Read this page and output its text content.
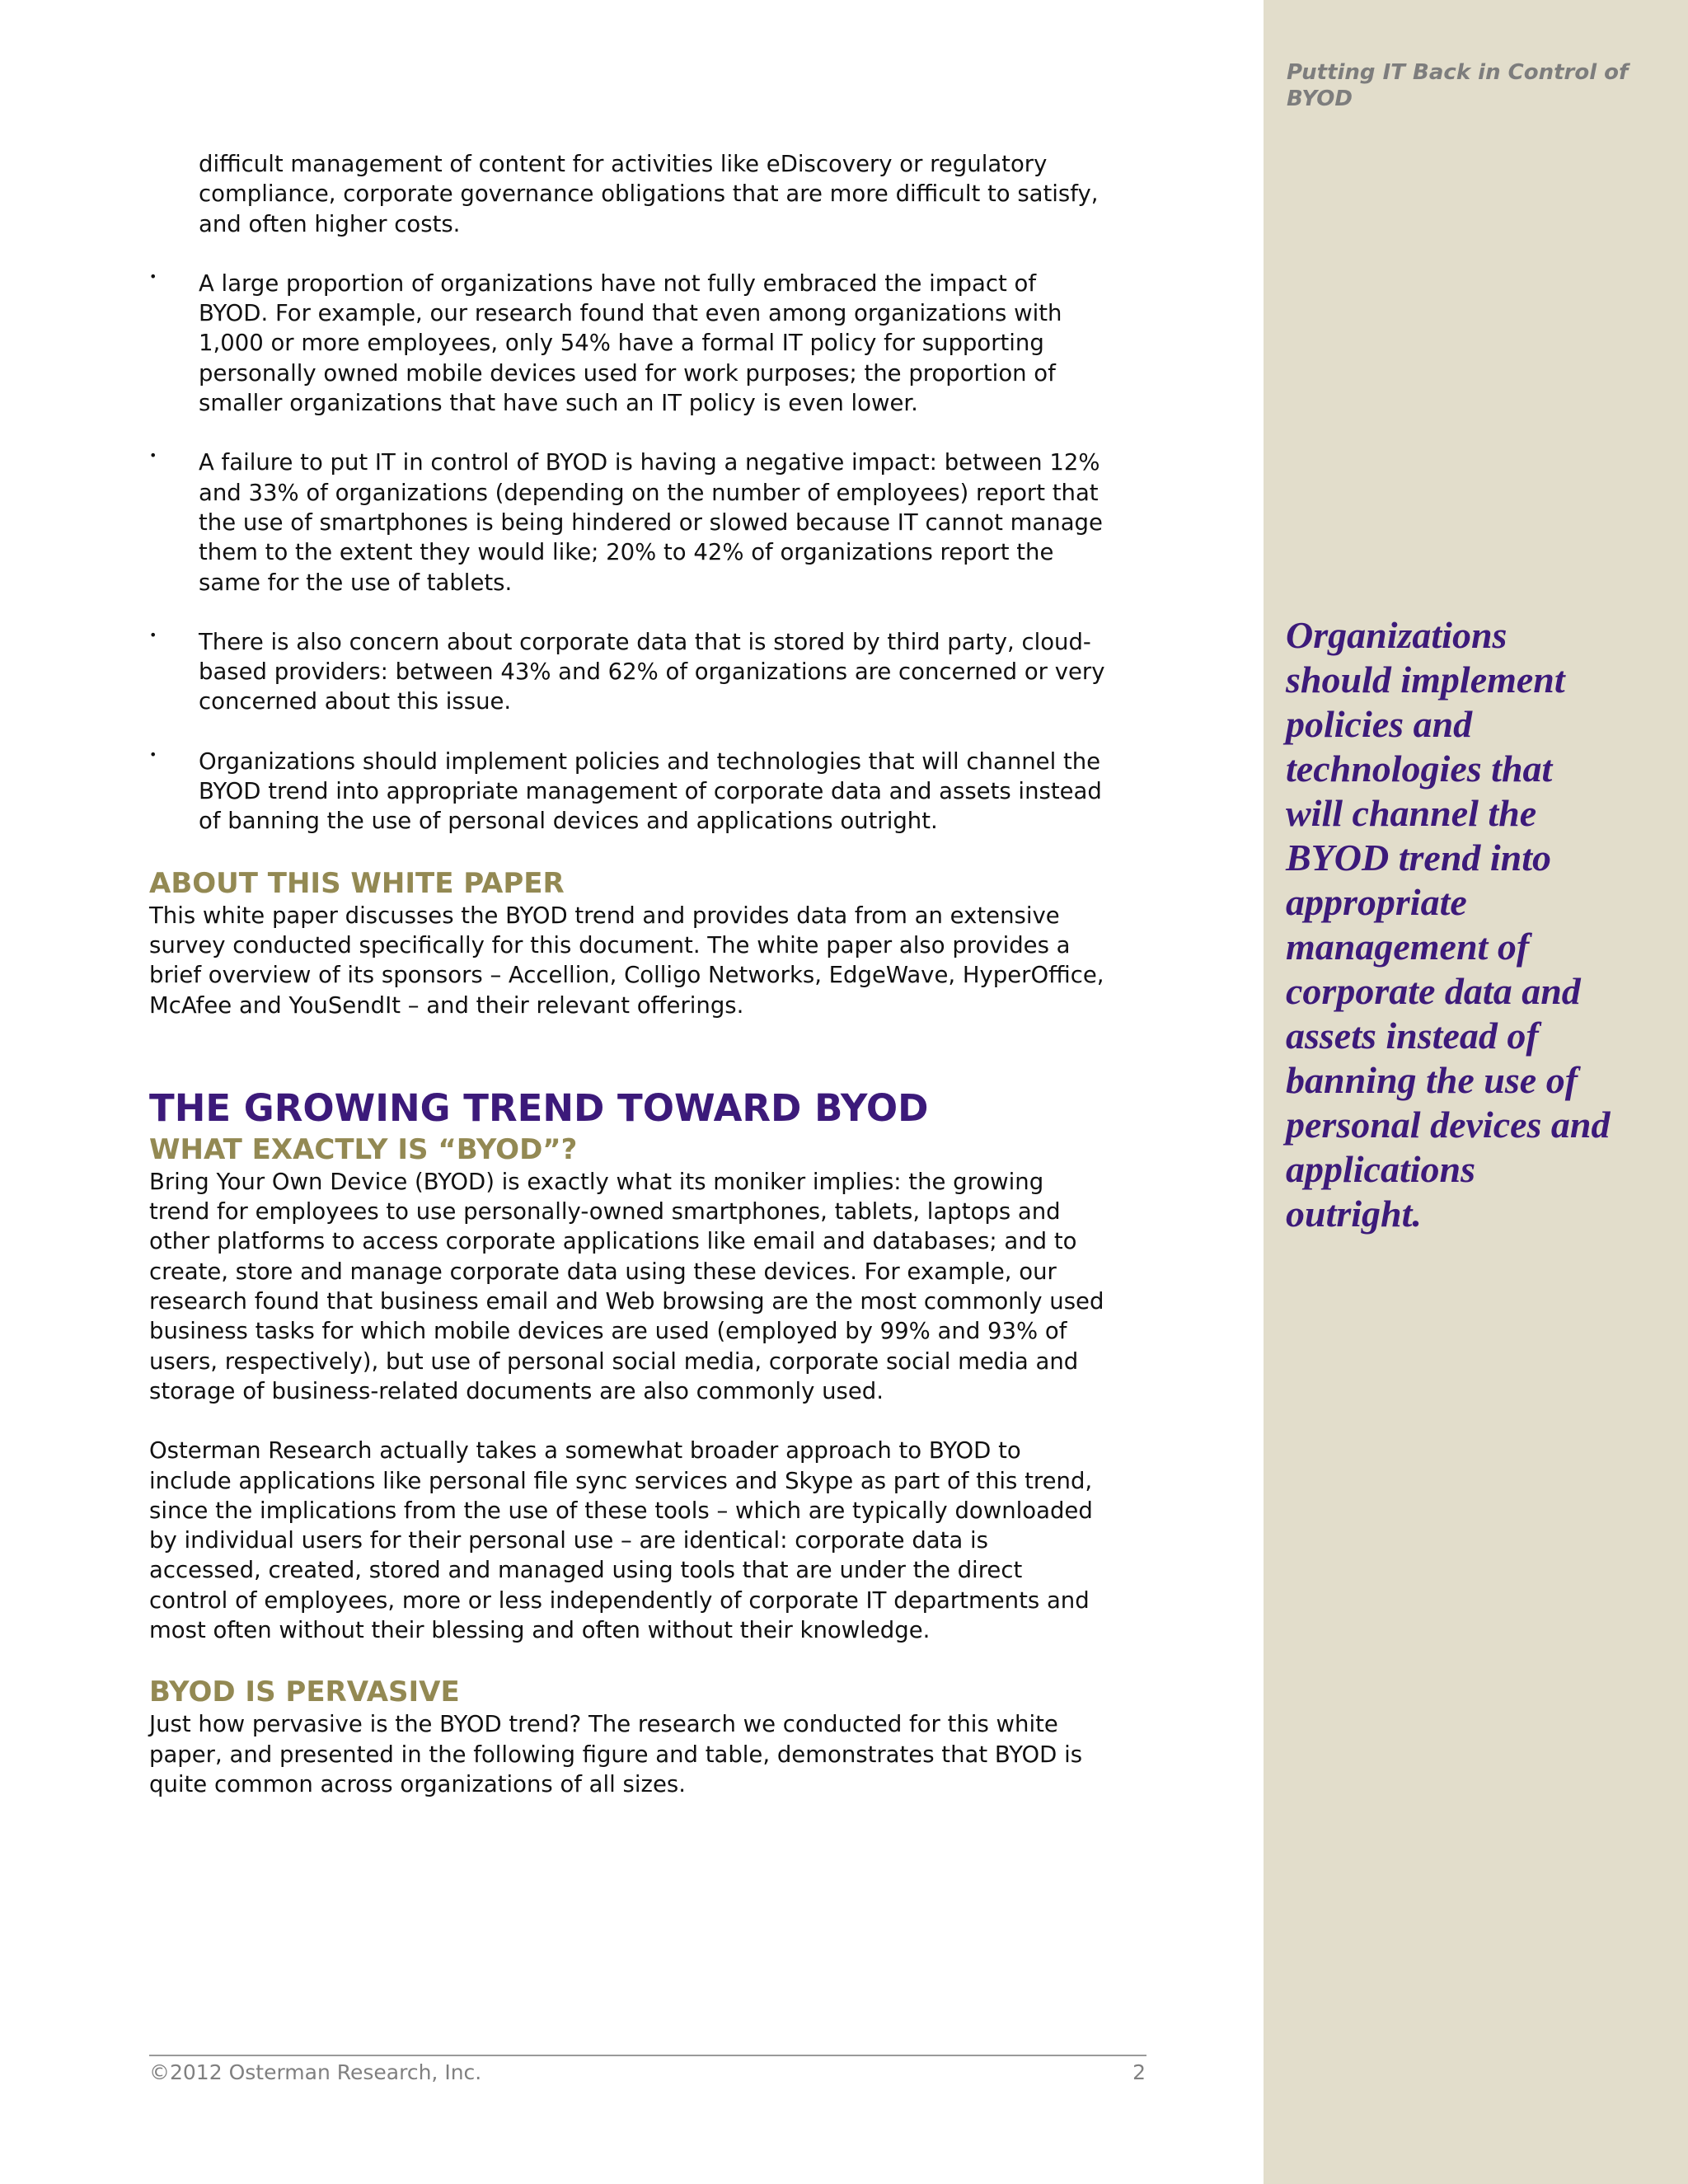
Putting IT Back in Control of BYOD
Organizations should implement policies and technologies that will channel the BYOD trend into appropriate management of corporate data and assets instead of banning the use of personal devices and applications outright.

difficult management of content for activities like eDiscovery or regulatory compliance, corporate governance obligations that are more difficult to satisfy, and often higher costs.

•	A large proportion of organizations have not fully embraced the impact of BYOD. For example, our research found that even among organizations with 1,000 or more employees, only 54% have a formal IT policy for supporting personally owned mobile devices used for work purposes; the proportion of smaller organizations that have such an IT policy is even lower.

•	A failure to put IT in control of BYOD is having a negative impact: between 12% and 33% of organizations (depending on the number of employees) report that the use of smartphones is being hindered or slowed because IT cannot manage them to the extent they would like; 20% to 42% of organizations report the same for the use of tablets.

•	There is also concern about corporate data that is stored by third party, cloud-based providers: between 43% and 62% of organizations are concerned or very concerned about this issue.

•	Organizations should implement policies and technologies that will channel the BYOD trend into appropriate management of corporate data and assets instead of banning the use of personal devices and applications outright.

ABOUT THIS WHITE PAPER

This white paper discusses the BYOD trend and provides data from an extensive survey conducted specifically for this document. The white paper also provides a brief overview of its sponsors – Accellion, Colligo Networks, EdgeWave, HyperOffice, McAfee and YouSendIt – and their relevant offerings.

THE GROWING TREND TOWARD BYOD
WHAT EXACTLY IS “BYOD”?

Bring Your Own Device (BYOD) is exactly what its moniker implies: the growing trend for employees to use personally-owned smartphones, tablets, laptops and other platforms to access corporate applications like email and databases; and to create, store and manage corporate data using these devices. For example, our research found that business email and Web browsing are the most commonly used business tasks for which mobile devices are used (employed by 99% and 93% of users, respectively), but use of personal social media, corporate social media and storage of business-related documents are also commonly used.

Osterman Research actually takes a somewhat broader approach to BYOD to include applications like personal file sync services and Skype as part of this trend, since the implications from the use of these tools – which are typically downloaded by individual users for their personal use – are identical: corporate data is accessed, created, stored and managed using tools that are under the direct control of employees, more or less independently of corporate IT departments and most often without their blessing and often without their knowledge.

BYOD IS PERVASIVE

Just how pervasive is the BYOD trend? The research we conducted for this white paper, and presented in the following figure and table, demonstrates that BYOD is quite common across organizations of all sizes.

©2012 Osterman Research, Inc.	2
